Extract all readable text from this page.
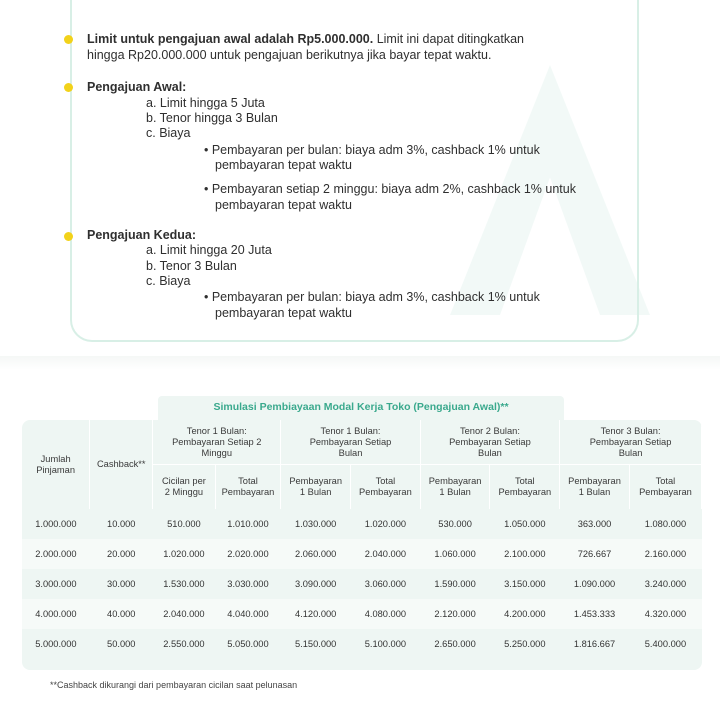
Limit untuk pengajuan awal adalah Rp5.000.000. Limit ini dapat ditingkatkan
hingga Rp20.000.000 untuk pengajuan berikutnya jika bayar tepat waktu.
Pengajuan Awal:
a. Limit hingga 5 Juta
b. Tenor hingga 3 Bulan
c. Biaya
• Pembayaran per bulan: biaya adm 3%, cashback 1% untuk
pembayaran tepat waktu
• Pembayaran setiap 2 minggu: biaya adm 2%, cashback 1% untuk
pembayaran tepat waktu
Pengajuan Kedua:
a. Limit hingga 20 Juta
b. Tenor 3 Bulan
c. Biaya
• Pembayaran per bulan: biaya adm 3%, cashback 1% untuk
pembayaran tepat waktu
Simulasi Pembiayaan Modal Kerja Toko (Pengajuan Awal)**
Jumlah Pinjaman	Cashback**	Tenor 1 Bulan: Pembayaran Setiap 2 Minggu		Tenor 1 Bulan: Pembayaran Setiap Bulan		Tenor 2 Bulan: Pembayaran Setiap Bulan		Tenor 3 Bulan: Pembayaran Setiap Bulan	
		Cicilan per 2 Minggu	Total Pembayaran	Pembayaran 1 Bulan	Total Pembayaran	Pembayaran 1 Bulan	Total Pembayaran	Pembayaran 1 Bulan	Total Pembayaran
1.000.000	10.000	510.000	1.010.000	1.030.000	1.020.000	530.000	1.050.000	363.000	1.080.000
2.000.000	20.000	1.020.000	2.020.000	2.060.000	2.040.000	1.060.000	2.100.000	726.667	2.160.000
3.000.000	30.000	1.530.000	3.030.000	3.090.000	3.060.000	1.590.000	3.150.000	1.090.000	3.240.000
4.000.000	40.000	2.040.000	4.040.000	4.120.000	4.080.000	2.120.000	4.200.000	1.453.333	4.320.000
5.000.000	50.000	2.550.000	5.050.000	5.150.000	5.100.000	2.650.000	5.250.000	1.816.667	5.400.000
**Cashback dikurangi dari pembayaran cicilan saat pelunasan
